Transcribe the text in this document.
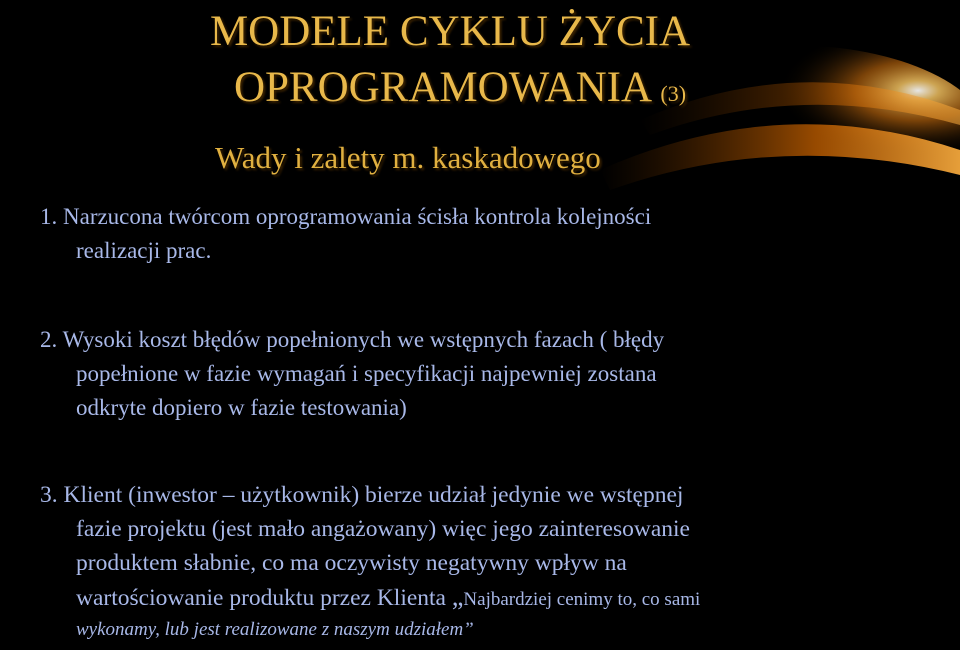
MODELE CYKLU ŻYCIA
OPROGRAMOWANIA (3)
Wady i zalety m. kaskadowego
1. Narzucona twórcom oprogramowania ścisła kontrola kolejności
realizacji prac.
2. Wysoki koszt błędów popełnionych we wstępnych fazach ( błędy
popełnione w fazie wymagań i specyfikacji najpewniej zostana
odkryte dopiero w fazie testowania)
3. Klient (inwestor – użytkownik) bierze udział jedynie we wstępnej
fazie projektu (jest mało angażowany) więc jego zainteresowanie
produktem słabnie, co ma oczywisty negatywny wpływ na
wartościowanie produktu przez Klienta „Najbardziej cenimy to, co sami
wykonamy, lub jest realizowane z naszym udziałem”
